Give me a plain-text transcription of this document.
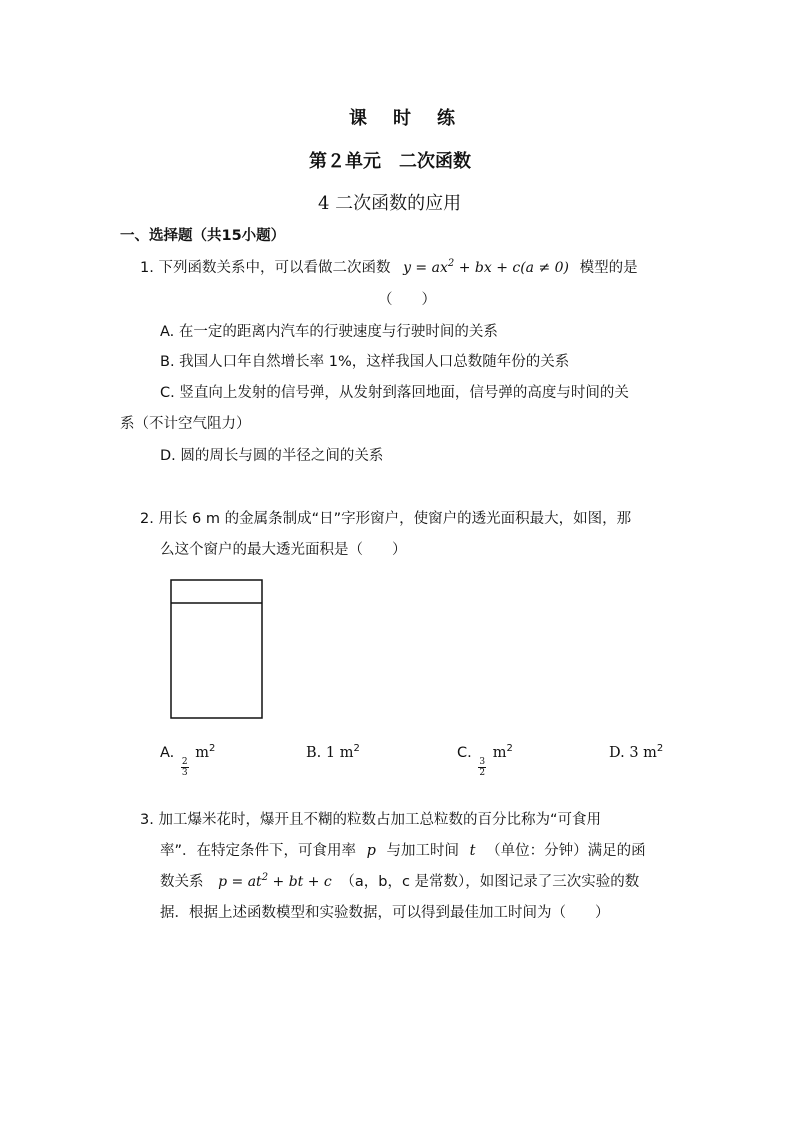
课　时　练
第２单元　二次函数
4 二次函数的应用
一、选择题（共15小题）
1. 下列函数关系中，可以看做二次函数 $y = ax^2$ + bx + c(a ≠ 0) 模型的是
（　　）
A. 在一定的距离内汽车的行驶速度与行驶时间的关系
B. 我国人口年自然增长率 1%，这样我国人口总数随年份的关系
C. 竖直向上发射的信号弹，从发射到落回地面，信号弹的高度与时间的关
系（不计空气阻力）
D. 圆的周长与圆的半径之间的关系
2. 用长 6 m 的金属条制成“日”字形窗户，使窗户的透光面积最大，如图，那
么这个窗户的最大透光面积是（　　）
A.
$\frac{2}{3}$
$m^2$	B. 1 $m^2$	C.
$\frac{3}{2}$
$m^2$	D. 3 $m^2$
3. 加工爆米花时，爆开且不糊的粒数占加工总粒数的百分比称为“可食用
率”．在特定条件下，可食用率 p 与加工时间 t （单位：分钟）满足的函
数关系 $p = at^2$ + bt + c （a，b，c 是常数），如图记录了三次实验的数
据．根据上述函数模型和实验数据，可以得到最佳加工时间为（　　）
